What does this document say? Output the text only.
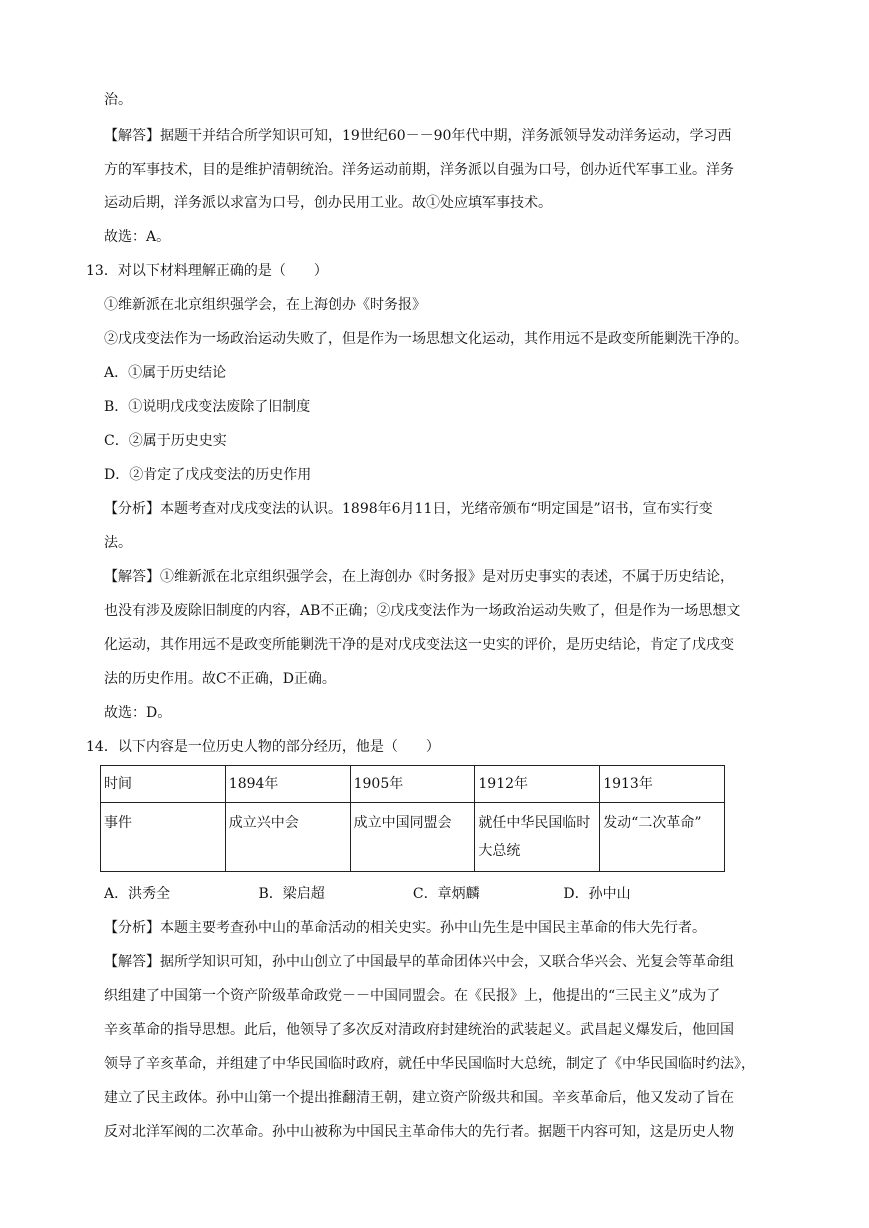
治。
【解答】据题干并结合所学知识可知，19世纪60－－90年代中期，洋务派领导发动洋务运动，学习西
方的军事技术，目的是维护清朝统治。洋务运动前期，洋务派以自强为口号，创办近代军事工业。洋务
运动后期，洋务派以求富为口号，创办民用工业。故①处应填军事技术。
故选：A。
13．对以下材料理解正确的是（　　）
①维新派在北京组织强学会，在上海创办《时务报》
②戊戌变法作为一场政治运动失败了，但是作为一场思想文化运动，其作用远不是政变所能剿洗干净的。
A．①属于历史结论
B．①说明戊戌变法废除了旧制度
C．②属于历史史实
D．②肯定了戊戌变法的历史作用
【分析】本题考查对戊戌变法的认识。1898年6月11日，光绪帝颁布“明定国是”诏书，宣布实行变
法。
【解答】①维新派在北京组织强学会，在上海创办《时务报》是对历史事实的表述，不属于历史结论，
也没有涉及废除旧制度的内容，AB不正确；②戊戌变法作为一场政治运动失败了，但是作为一场思想文
化运动，其作用远不是政变所能剿洗干净的是对戊戌变法这一史实的评价，是历史结论，肯定了戊戌变
法的历史作用。故C不正确，D正确。
故选：D。
14．以下内容是一位历史人物的部分经历，他是（　　）
时间	1894年	1905年	1912年	1913年
事件	成立兴中会	成立中国同盟会	就任中华民国临时大总统	发动“二次革命”
A．洪秀全	B．梁启超	C．章炳麟	D．孙中山
【分析】本题主要考查孙中山的革命活动的相关史实。孙中山先生是中国民主革命的伟大先行者。
【解答】据所学知识可知，孙中山创立了中国最早的革命团体兴中会，又联合华兴会、光复会等革命组
织组建了中国第一个资产阶级革命政党－－中国同盟会。在《民报》上，他提出的“三民主义”成为了
辛亥革命的指导思想。此后，他领导了多次反对清政府封建统治的武装起义。武昌起义爆发后，他回国
领导了辛亥革命，并组建了中华民国临时政府，就任中华民国临时大总统，制定了《中华民国临时约法》，
建立了民主政体。孙中山第一个提出推翻清王朝，建立资产阶级共和国。辛亥革命后，他又发动了旨在
反对北洋军阀的二次革命。孙中山被称为中国民主革命伟大的先行者。据题干内容可知，这是历史人物
